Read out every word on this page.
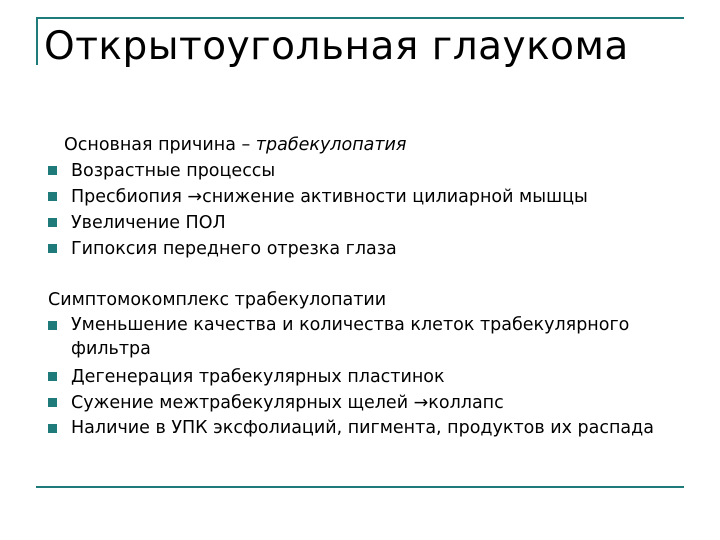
Открытоугольная глаукома
Основная причина – трабекулопатия
Возрастные процессы
Пресбиопия →снижение активности цилиарной мышцы
Увеличение ПОЛ
Гипоксия переднего отрезка глаза
Симптомокомплекс трабекулопатии
Уменьшение качества и количества клеток трабекулярного фильтра
Дегенерация трабекулярных пластинок
Сужение межтрабекулярных щелей →коллапс
Наличие в УПК эксфолиаций, пигмента, продуктов их распада
